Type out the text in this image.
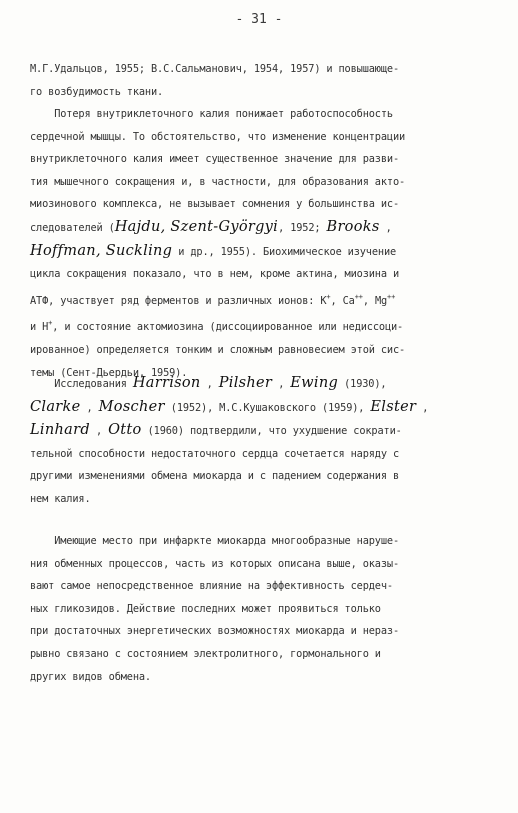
- 31 -
М.Г.Удальцов, 1955; В.С.Сальманович, 1954, 1957) и повышающе-
го возбудимость ткани.
Потеря внутриклеточного калия понижает работоспособность
сердечной мышцы. То обстоятельство, что изменение концентрации
внутриклеточного калия имеет существенное значение для разви-
тия мышечного сокращения и, в частности, для образования акто-
миозинового комплекса, не вызывает сомнения у большинства ис-
следователей (Hajdu, Szent-Györgyi, 1952; Brooks ,
Hoffman, Suckling и др., 1955). Биохимическое изучение
цикла сокращения показало, что в нем, кроме актина, миозина и
АТФ, участвует ряд ферментов и различных ионов: K+, Ca++, Mg++
и H+, и состояние актомиозина (диссоциированное или недиссоци-
ированное) определяется тонким и сложным равновесием этой сис-
темы (Сент-Дьердьи, 1959).
Исследования Harrison , Pilsher , Ewing (1930),
Clarke , Moscher (1952), М.С.Кушаковского (1959), Elster ,
Linhard , Otto (1960) подтвердили, что ухудшение сократи-
тельной способности недостаточного сердца сочетается наряду с
другими изменениями обмена миокарда и с падением содержания в
нем калия.
Имеющие место при инфаркте миокарда многообразные наруше-
ния обменных процессов, часть из которых описана выше, оказы-
вают самое непосредственное влияние на эффективность сердеч-
ных гликозидов. Действие последних может проявиться только
при достаточных энергетических возможностях миокарда и нераз-
рывно связано с состоянием электролитного, гормонального и
других видов обмена.
